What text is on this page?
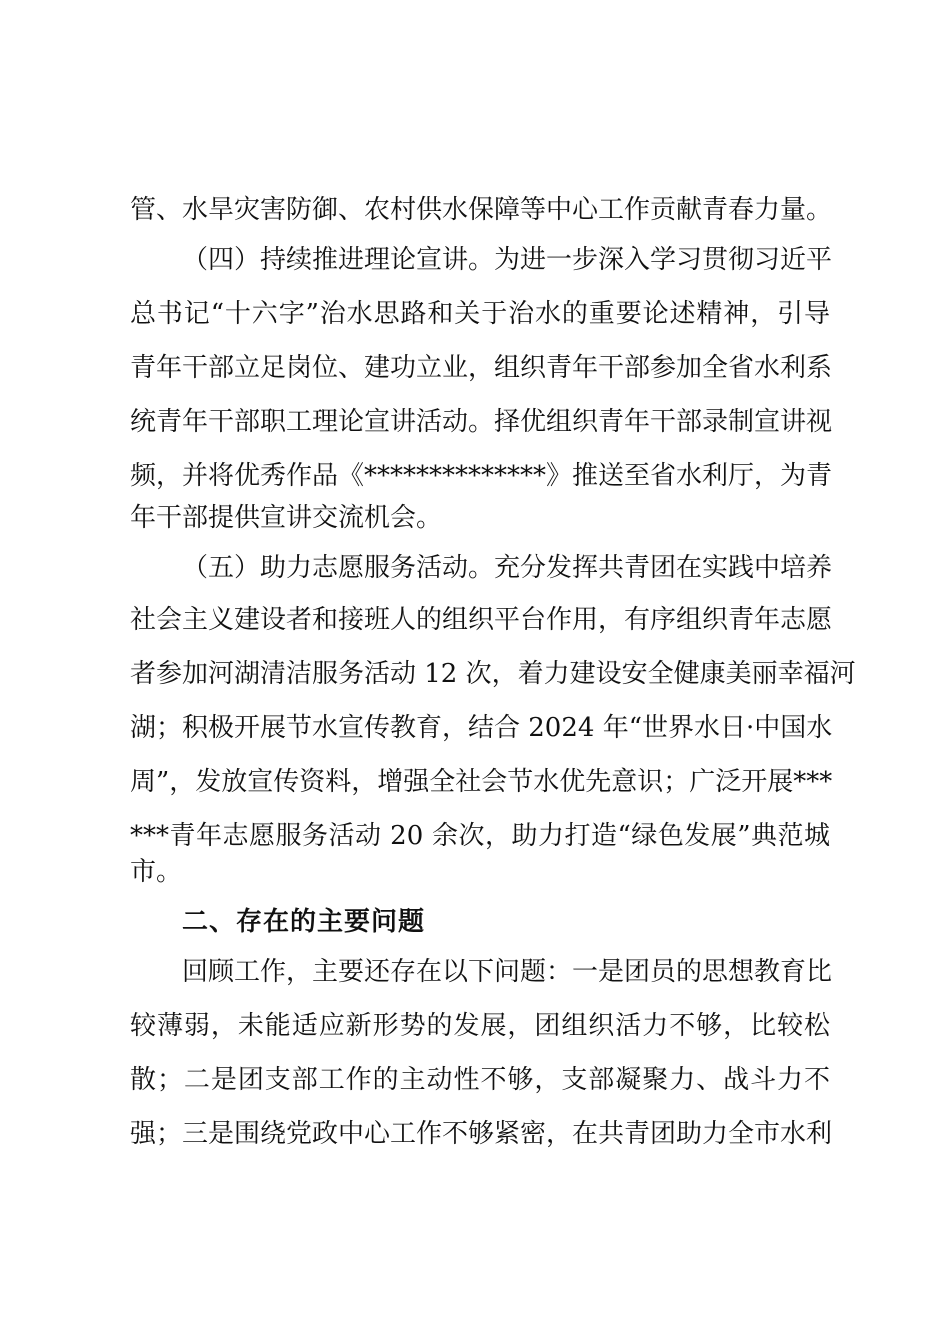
管、水旱灾害防御、农村供水保障等中心工作贡献青春力量。
（四）持续推进理论宣讲。为进一步深入学习贯彻习近平
总书记“十六字”治水思路和关于治水的重要论述精神，引导
青年干部立足岗位、建功立业，组织青年干部参加全省水利系
统青年干部职工理论宣讲活动。择优组织青年干部录制宣讲视
频，并将优秀作品《**************》推送至省水利厅，为青
年干部提供宣讲交流机会。
（五）助力志愿服务活动。充分发挥共青团在实践中培养
社会主义建设者和接班人的组织平台作用，有序组织青年志愿
者参加河湖清洁服务活动 12 次，着力建设安全健康美丽幸福河
湖；积极开展节水宣传教育，结合 2024 年“世界水日·中国水
周”，发放宣传资料，增强全社会节水优先意识；广泛开展***
***青年志愿服务活动 20 余次，助力打造“绿色发展”典范城
市。
二、存在的主要问题
回顾工作，主要还存在以下问题：一是团员的思想教育比
较薄弱，未能适应新形势的发展，团组织活力不够，比较松
散；二是团支部工作的主动性不够，支部凝聚力、战斗力不
强；三是围绕党政中心工作不够紧密，在共青团助力全市水利
